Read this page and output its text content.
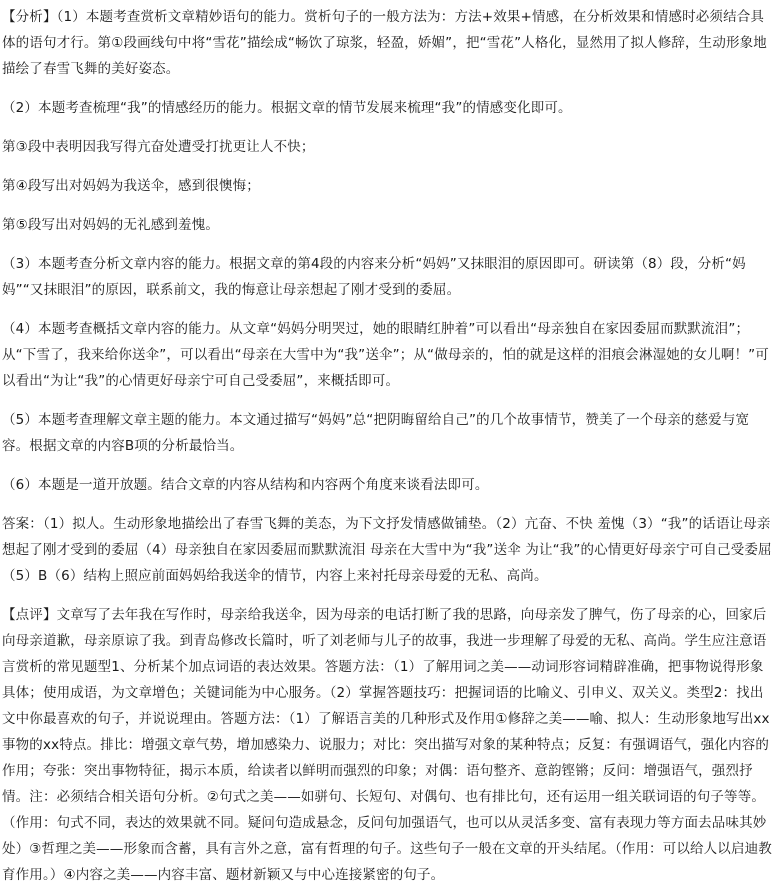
【分析】（1）本题考查赏析文章精妙语句的能力。赏析句子的一般方法为：方法+效果+情感，在分析效果和情感时必须结合具体的语句才行。第①段画线句中将“雪花”描绘成“畅饮了琼浆，轻盈，娇媚”，把“雪花”人格化，显然用了拟人修辞，生动形象地描绘了春雪飞舞的美好姿态。

（2）本题考查梳理“我”的情感经历的能力。根据文章的情节发展来梳理“我”的情感变化即可。

第③段中表明因我写得亢奋处遭受打扰更让人不快；

第④段写出对妈妈为我送伞，感到很懊悔；

第⑤段写出对妈妈的无礼感到羞愧。

（3）本题考查分析文章内容的能力。根据文章的第4段的内容来分析“妈妈”又抹眼泪的原因即可。研读第（8）段，分析“妈妈”“又抹眼泪”的原因，联系前文，我的悔意让母亲想起了刚才受到的委屈。

（4）本题考查概括文章内容的能力。从文章“妈妈分明哭过，她的眼睛红肿着”可以看出“母亲独自在家因委屈而默默流泪”；从“下雪了，我来给你送伞”，可以看出“母亲在大雪中为“我”送伞”；从“做母亲的，怕的就是这样的泪痕会淋湿她的女儿啊！”可以看出“为让“我”的心情更好母亲宁可自己受委屈”，来概括即可。

（5）本题考查理解文章主题的能力。本文通过描写“妈妈”总“把阴晦留给自己”的几个故事情节，赞美了一个母亲的慈爱与宽容。根据文章的内容B项的分析最恰当。

（6）本题是一道开放题。结合文章的内容从结构和内容两个角度来谈看法即可。

答案：（1）拟人。生动形象地描绘出了春雪飞舞的美态，为下文抒发情感做铺垫。（2）亢奋、不快 羞愧（3）“我”的话语让母亲想起了刚才受到的委屈（4）母亲独自在家因委屈而默默流泪 母亲在大雪中为“我”送伞 为让“我”的心情更好母亲宁可自己受委屈（5）B（6）结构上照应前面妈妈给我送伞的情节，内容上来衬托母亲母爱的无私、高尚。

【点评】文章写了去年我在写作时，母亲给我送伞，因为母亲的电话打断了我的思路，向母亲发了脾气，伤了母亲的心，回家后向母亲道歉，母亲原谅了我。到青岛修改长篇时，听了刘老师与儿子的故事，我进一步理解了母爱的无私、高尚。学生应注意语言赏析的常见题型1、分析某个加点词语的表达效果。答题方法：（1）了解用词之美——动词形容词精辟准确，把事物说得形象具体；使用成语，为文章增色；关键词能为中心服务。（2）掌握答题技巧：把握词语的比喻义、引申义、双关义。类型2：找出文中你最喜欢的句子，并说说理由。答题方法：（1）了解语言美的几种形式及作用①修辞之美——喻、拟人：生动形象地写出xx事物的xx特点。排比：增强文章气势，增加感染力、说服力；对比：突出描写对象的某种特点；反复：有强调语气，强化内容的作用；夸张：突出事物特征，揭示本质，给读者以鲜明而强烈的印象；对偶：语句整齐、意韵铿锵；反问：增强语气，强烈抒情。注：必须结合相关语句分析。②句式之美——如骈句、长短句、对偶句、也有排比句，还有运用一组关联词语的句子等等。（作用：句式不同，表达的效果就不同。疑问句造成悬念，反问句加强语气，也可以从灵活多变、富有表现力等方面去品味其妙处）③哲理之美——形象而含蓄，具有言外之意，富有哲理的句子。这些句子一般在文章的开头结尾。（作用：可以给人以启迪教育作用。）④内容之美——内容丰富、题材新颖又与中心连接紧密的句子。
